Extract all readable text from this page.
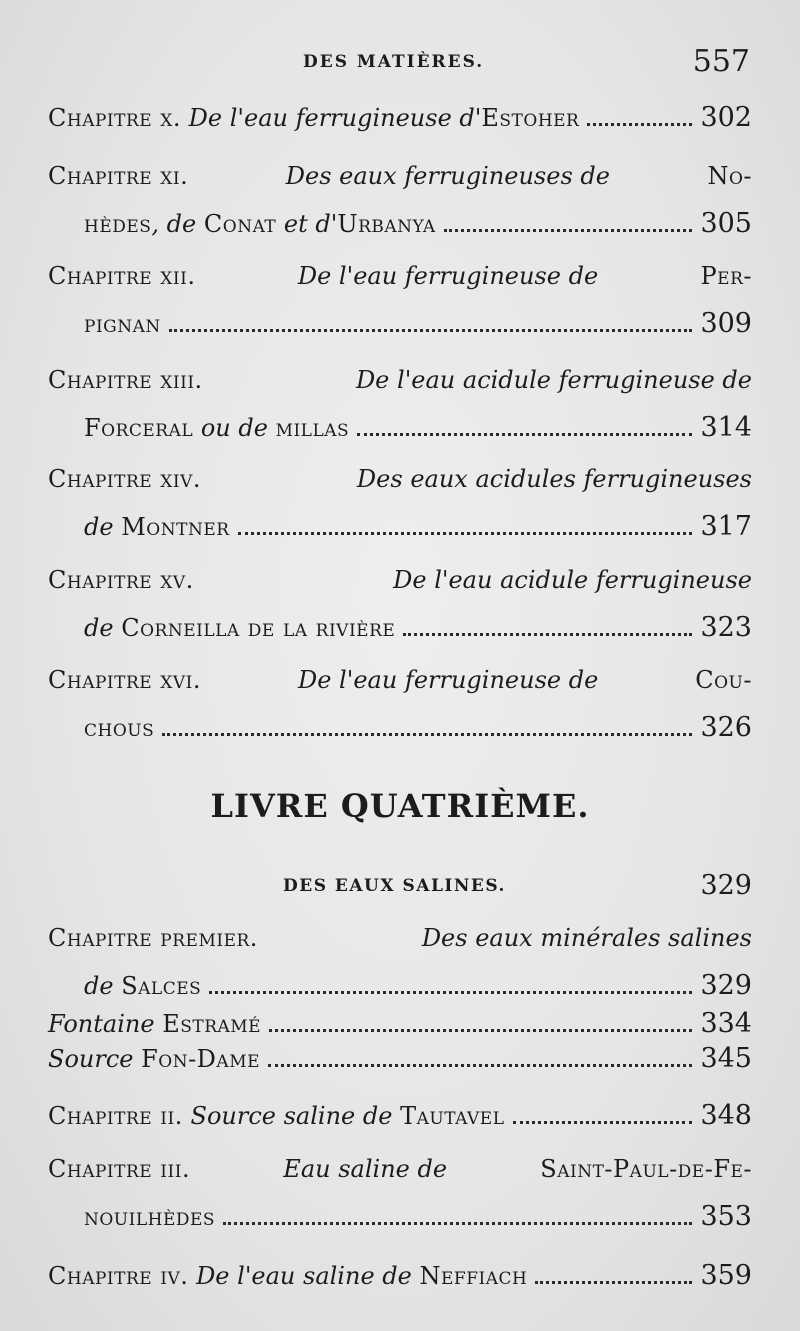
DES MATIÈRES.	557
Chapitre x. De l'eau ferrugineuse d'Estoher	302
Chapitre xi.	Des eaux ferrugineuses de	No-
hèdes, de Conat et d'Urbanya	305
Chapitre xii.	De l'eau ferrugineuse de	Per-
pignan	309
Chapitre xiii.	De l'eau acidule ferrugineuse de
Forceral ou de millas	314
Chapitre xiv.	Des eaux acidules ferrugineuses
de Montner	317
Chapitre xv.	De l'eau acidule ferrugineuse
de Corneilla de la rivière	323
Chapitre xvi.	De l'eau ferrugineuse de	Cou-
chous	326
LIVRE QUATRIÈME.
DES EAUX SALINES.	329
Chapitre premier.	Des eaux minérales salines
de Salces	329
Fontaine Estramé	334
Source Fon-Dame	345
Chapitre ii. Source saline de Tautavel	348
Chapitre iii.	Eau saline de	Saint-Paul-de-Fe-
nouilhèdes	353
Chapitre iv. De l'eau saline de Neffiach	359
